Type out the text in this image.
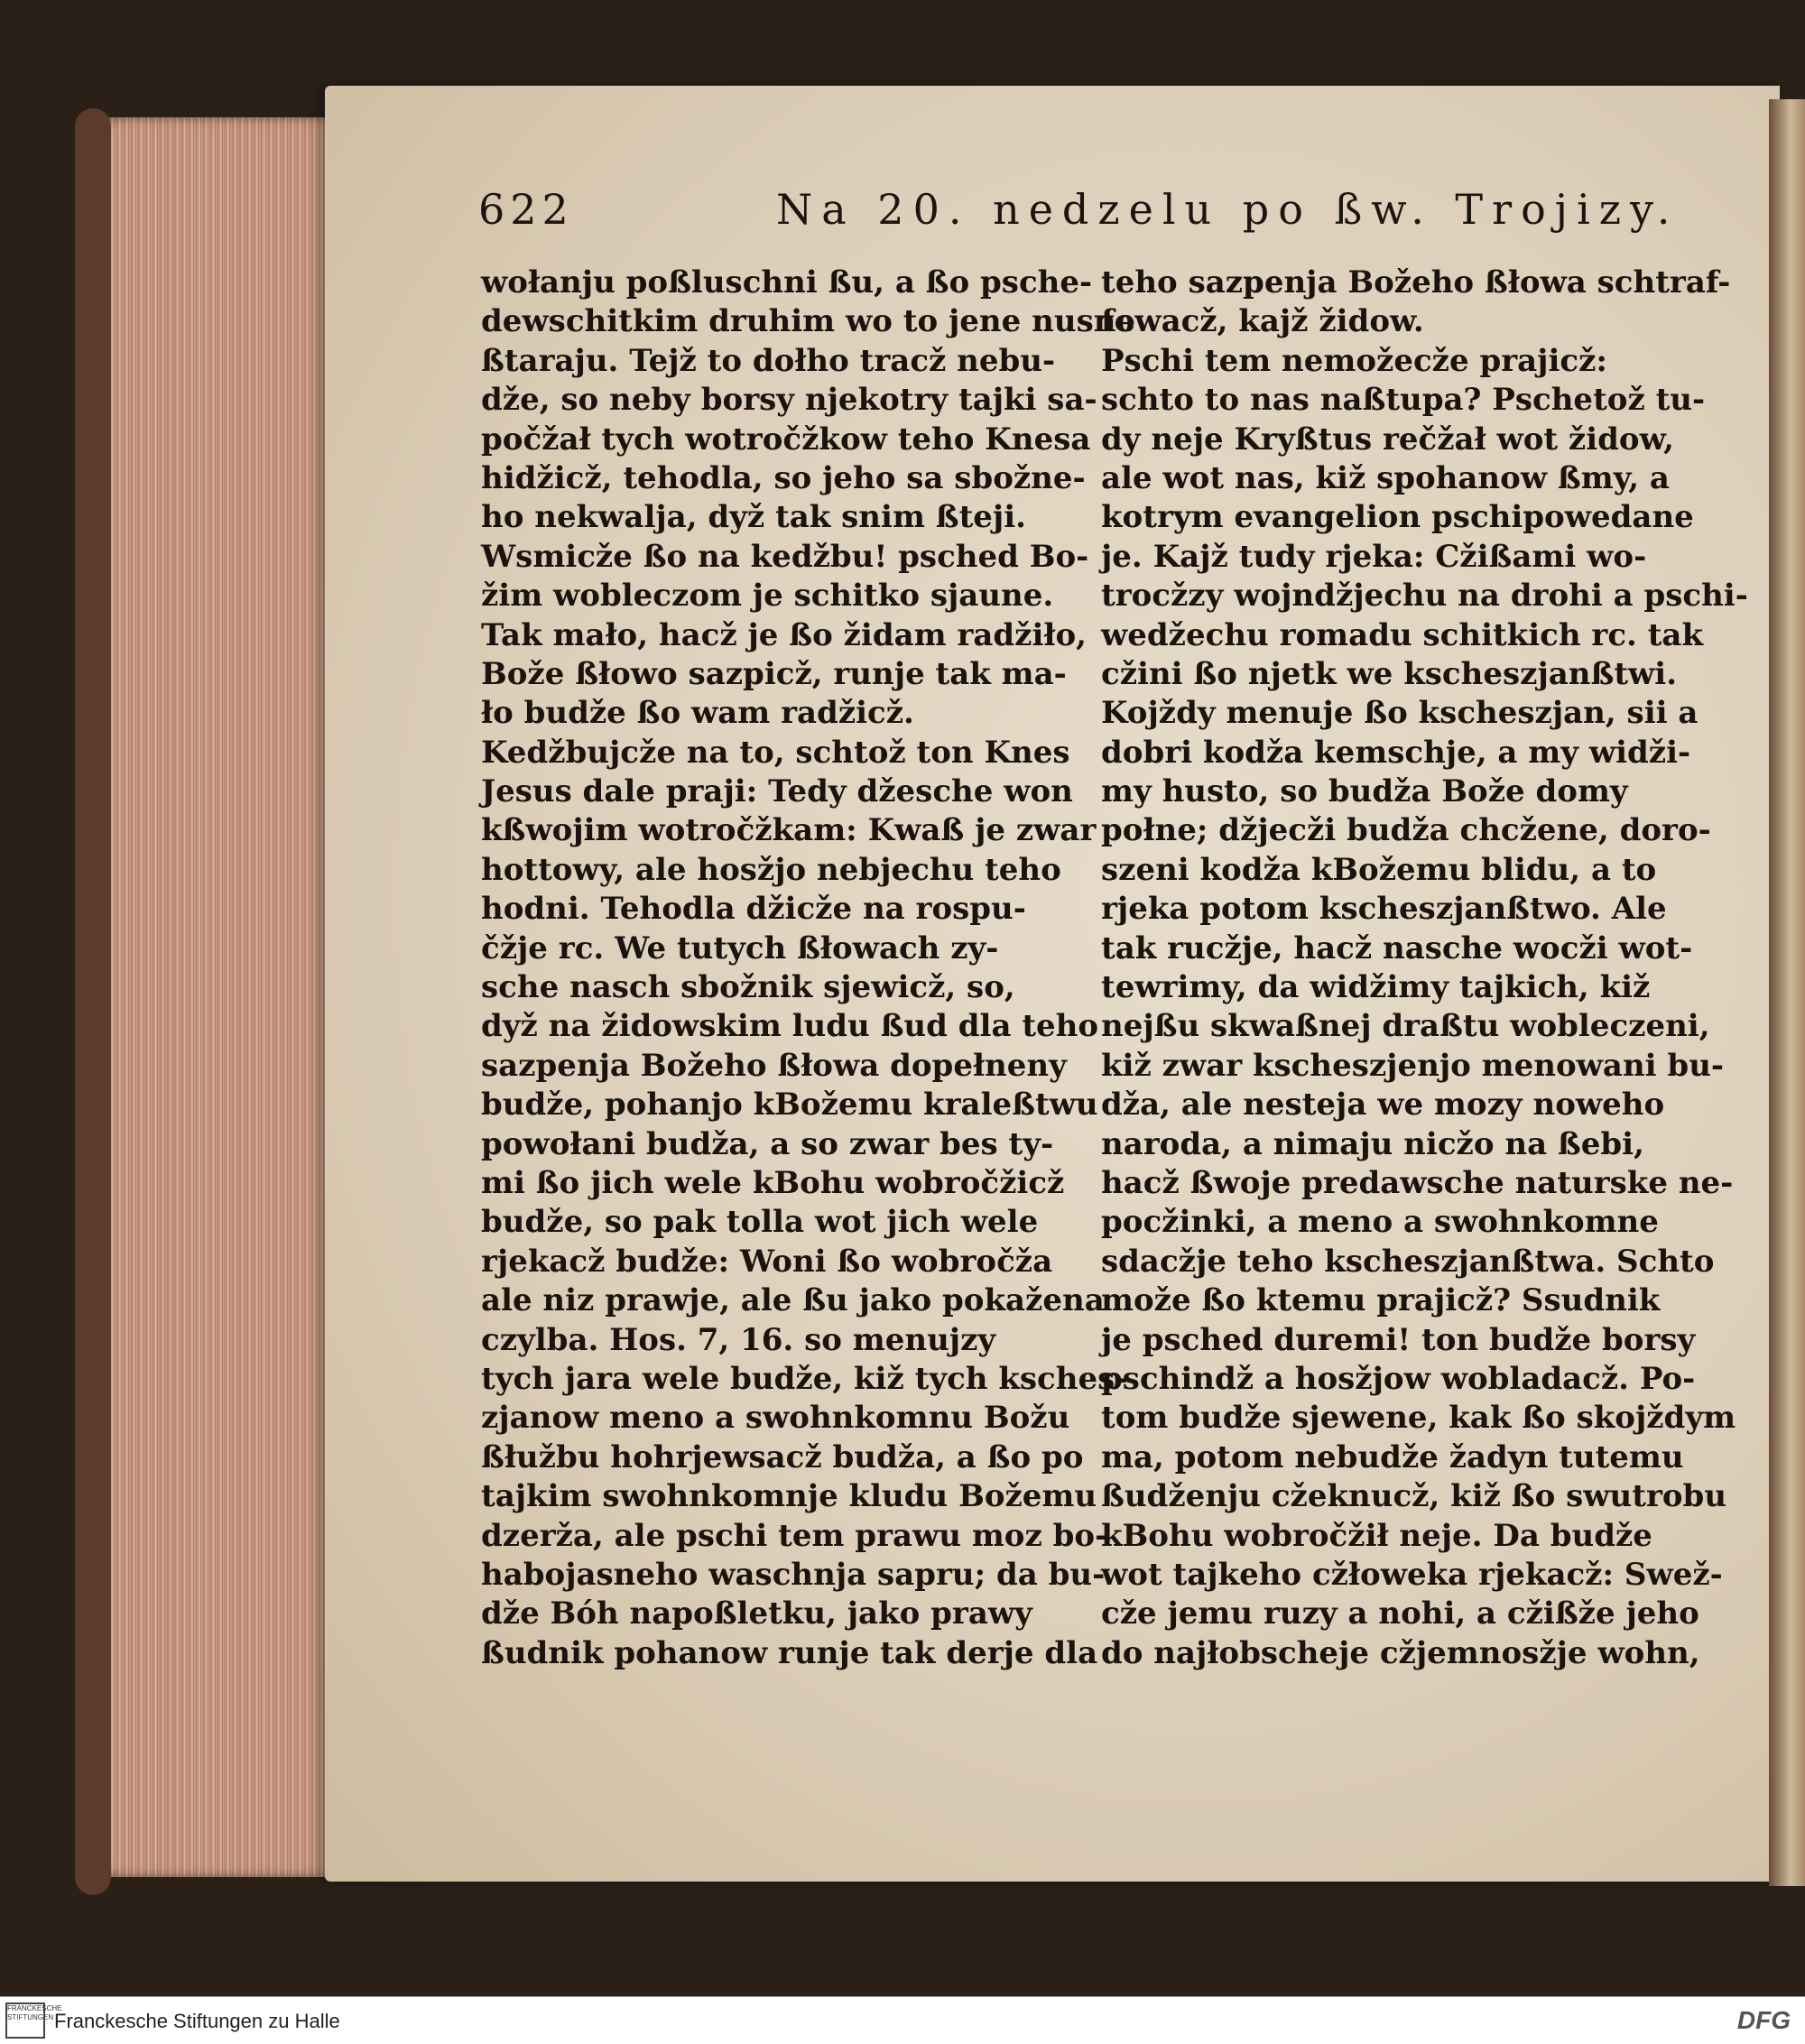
622	Na 20. nedzelu po ßw. Trojizy.
wołanju poßluschni ßu, a ßo psche-
dewschitkim druhim wo to jene nusne
ßtaraju. Tejž to dołho tracž nebu-
dže, so neby borsy njekotry tajki sa-
počžał tych wotročžkow teho Knesa
hidžicž, tehodla, so jeho sa sbožne-
ho nekwalja, dyž tak snim ßteji.
Wsmicže ßo na kedžbu! psched Bo-
žim wobleczom je schitko sjaune.
Tak mało, hacž je ßo židam radžiło,
Bože ßłowo sazpicž, runje tak ma-
ło budže ßo wam radžicž.
Kedžbujcže na to, schtož ton Knes
Jesus dale praji: Tedy džesche won
kßwojim wotročžkam: Kwaß je zwar
hottowy, ale hosžjo nebjechu teho
hodni. Tehodla džicže na rospu-
čžje rc. We tutych ßłowach zy-
sche nasch sbožnik sjewicž, so,
dyž na židowskim ludu ßud dla teho
sazpenja Božeho ßłowa dopełneny
budže, pohanjo kBožemu kraleßtwu
powołani budža, a so zwar bes ty-
mi ßo jich wele kBohu wobročžicž
budže, so pak tolla wot jich wele
rjekacž budže: Woni ßo wobročža
ale niz prawje, ale ßu jako pokažena
czylba. Hos. 7, 16. so menujzy
tych jara wele budže, kiž tych ksches-
zjanow meno a swohnkomnu Božu
ßłužbu hohrjewsacž budža, a ßo po
tajkim swohnkomnje kludu Božemu
dzerža, ale pschi tem prawu moz bo-
habojasneho waschnja sapru; da bu-
dže Bóh napoßletku, jako prawy
ßudnik pohanow runje tak derje dla
teho sazpenja Božeho ßłowa schtraf-
fowacž, kajž židow.
Pschi tem nemožecže prajicž:
schto to nas naßtupa? Pschetož tu-
dy neje Kryßtus rečžał wot židow,
ale wot nas, kiž spohanow ßmy, a
kotrym evangelion pschipowedane
je. Kajž tudy rjeka: Cžißami wo-
trocžzy wojndžjechu na drohi a pschi-
wedžechu romadu schitkich rc. tak
cžini ßo njetk we kscheszjanßtwi.
Kojždy menuje ßo kscheszjan, sii a
dobri kodža kemschje, a my widži-
my husto, so budža Bože domy
połne; džjecži budža chcžene, doro-
szeni kodža kBožemu blidu, a to
rjeka potom kscheszjanßtwo. Ale
tak rucžje, hacž nasche wocži wot-
tewrimy, da widžimy tajkich, kiž
nejßu skwaßnej draßtu wobleczeni,
kiž zwar kscheszjenjo menowani bu-
dža, ale nesteja we mozy noweho
naroda, a nimaju nicžo na ßebi,
hacž ßwoje predawsche naturske ne-
pocžinki, a meno a swohnkomne
sdacžje teho kscheszjanßtwa. Schto
može ßo ktemu prajicž? Ssudnik
je psched duremi! ton budže borsy
pschindž a hosžjow wobladacž. Po-
tom budže sjewene, kak ßo skojždym
ma, potom nebudže žadyn tutemu
ßudženju cžeknucž, kiž ßo swutrobu
kBohu wobročžił neje. Da budže
wot tajkeho cžłoweka rjekacž: Swež-
cže jemu ruzy a nohi, a cžißže jeho
do najłobscheje cžjemnosžje wohn,
FRANCKESCHE STIFTUNGEN Franckesche Stiftungen zu Halle	DFG
